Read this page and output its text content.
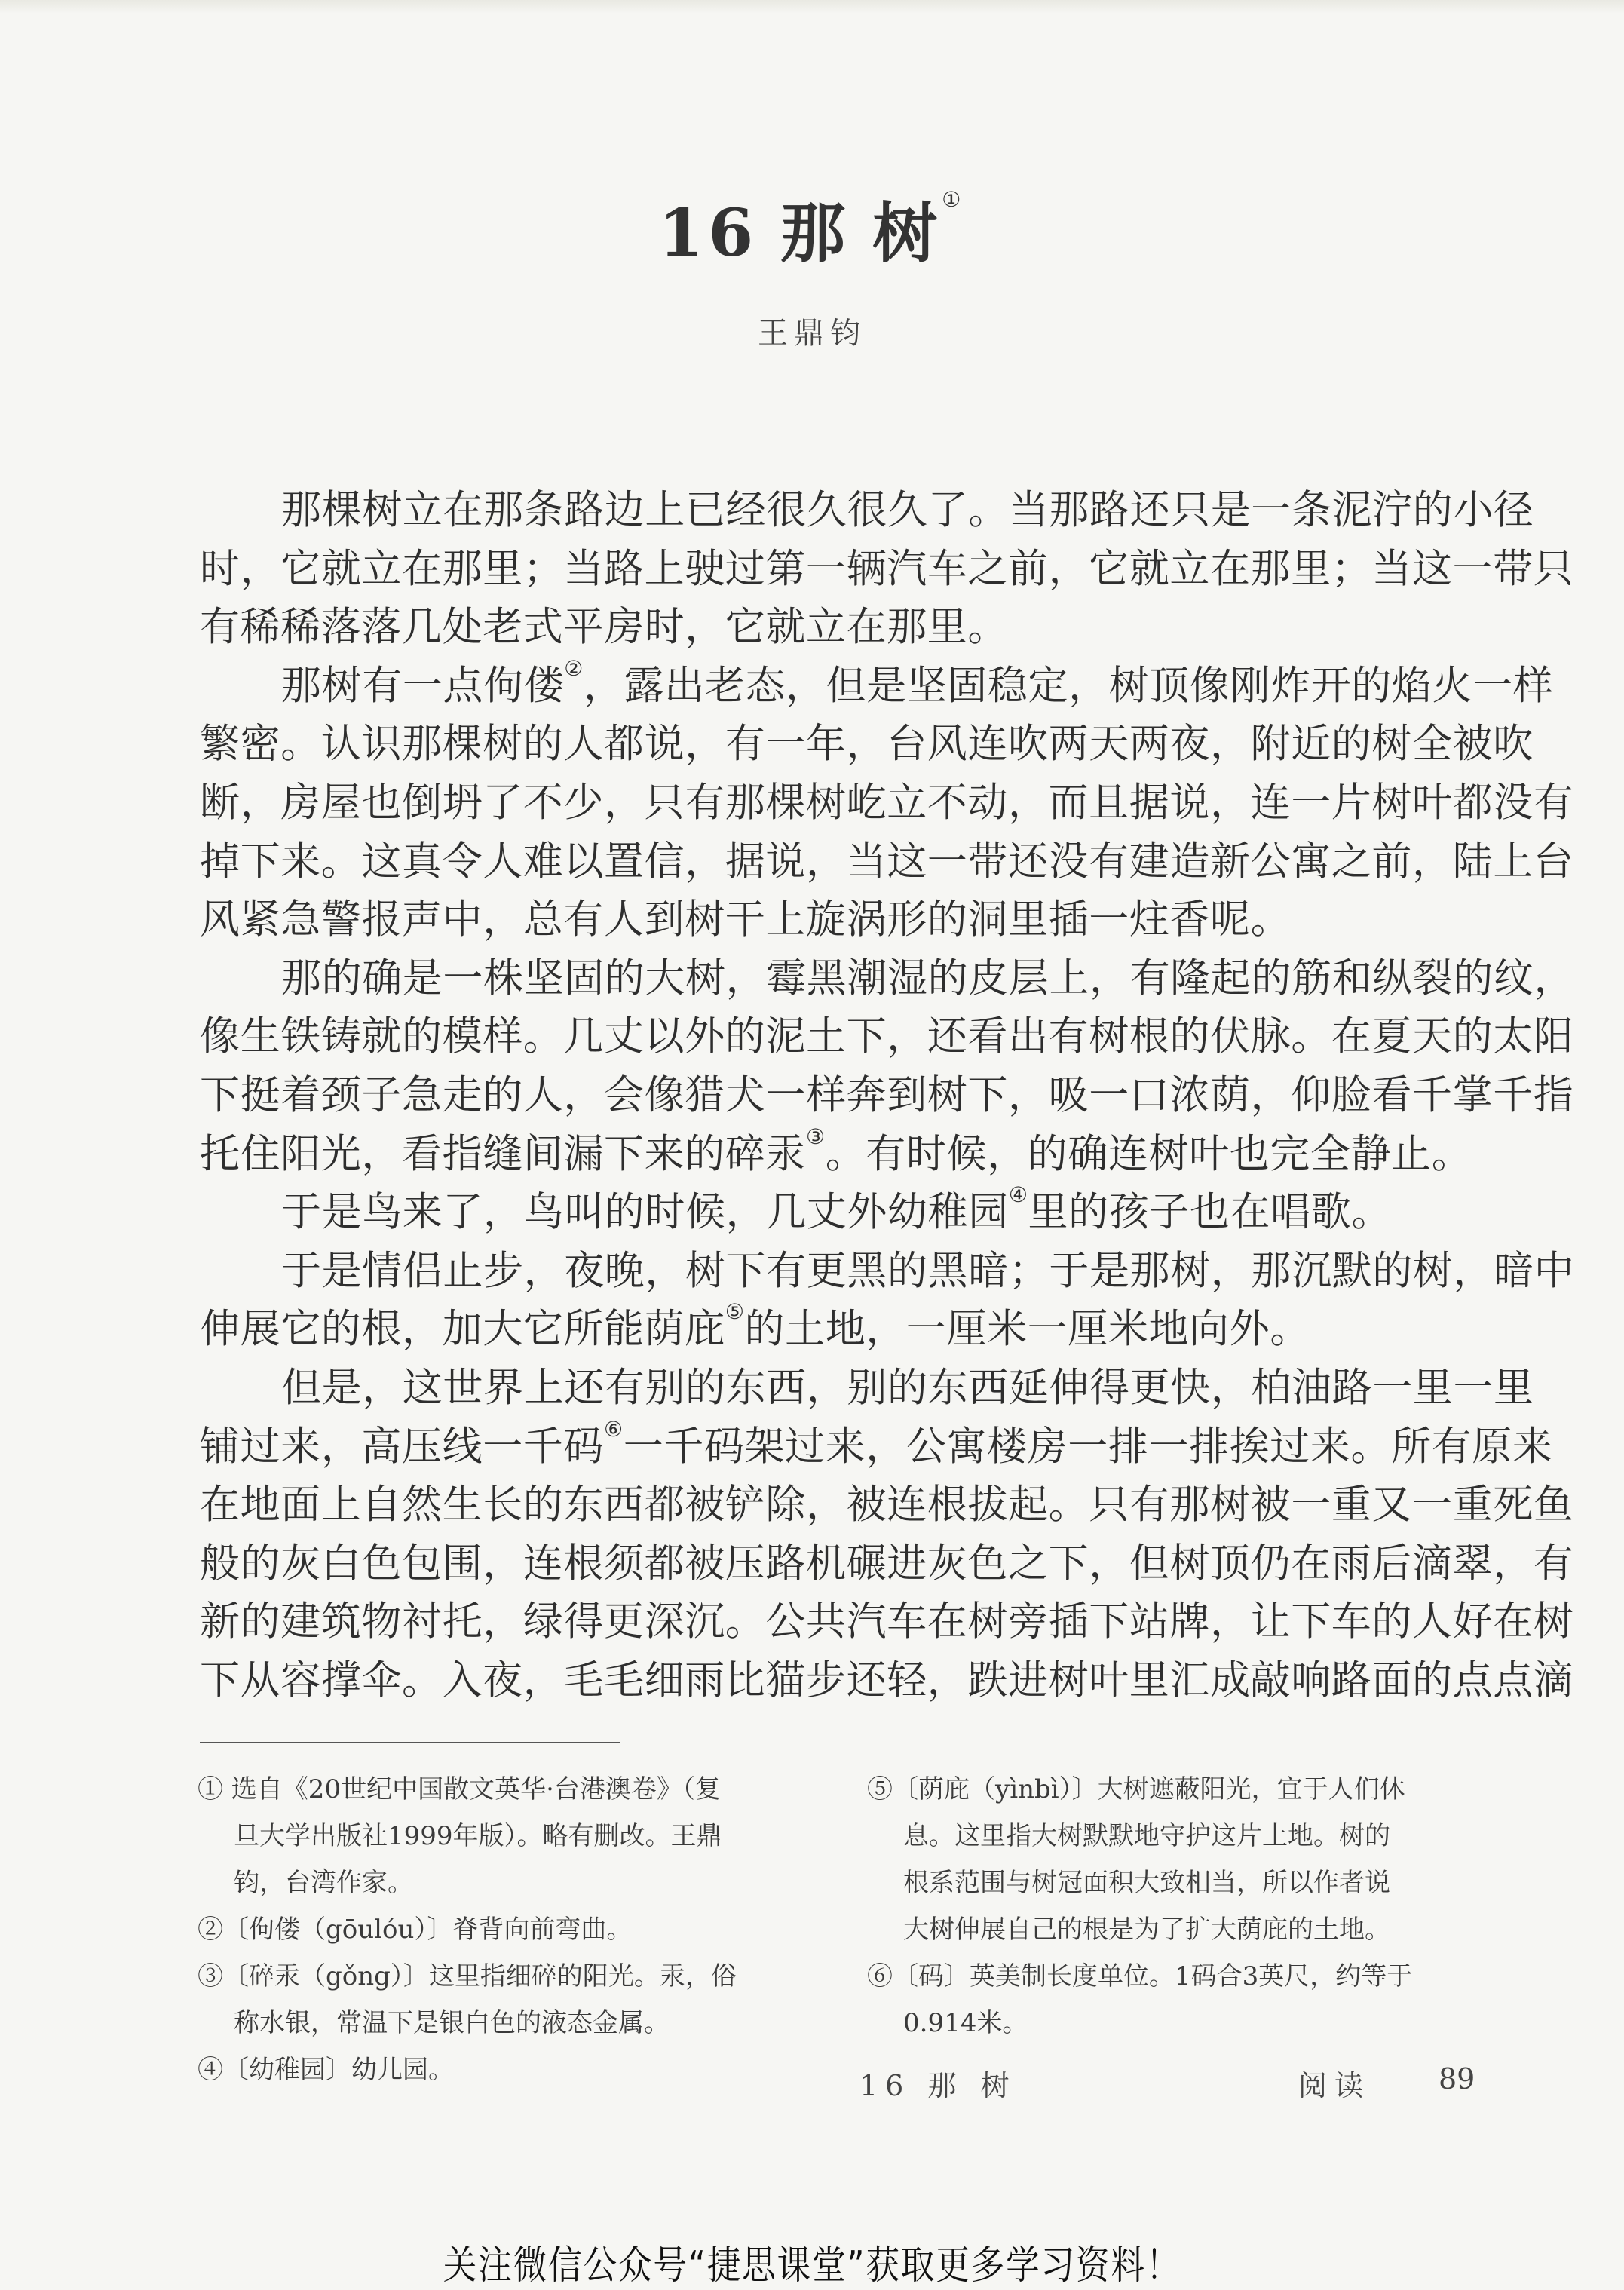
16 那 树①
王鼎钧
那棵树立在那条路边上已经很久很久了。当那路还只是一条泥泞的小径
时，它就立在那里；当路上驶过第一辆汽车之前，它就立在那里；当这一带只
有稀稀落落几处老式平房时，它就立在那里。
那树有一点佝偻②，露出老态，但是坚固稳定，树顶像刚炸开的焰火一样
繁密。认识那棵树的人都说，有一年，台风连吹两天两夜，附近的树全被吹
断，房屋也倒坍了不少，只有那棵树屹立不动，而且据说，连一片树叶都没有
掉下来。这真令人难以置信，据说，当这一带还没有建造新公寓之前，陆上台
风紧急警报声中，总有人到树干上旋涡形的洞里插一炷香呢。
那的确是一株坚固的大树，霉黑潮湿的皮层上，有隆起的筋和纵裂的纹，
像生铁铸就的模样。几丈以外的泥土下，还看出有树根的伏脉。在夏天的太阳
下挺着颈子急走的人，会像猎犬一样奔到树下，吸一口浓荫，仰脸看千掌千指
托住阳光，看指缝间漏下来的碎汞③。有时候，的确连树叶也完全静止。
于是鸟来了，鸟叫的时候，几丈外幼稚园④里的孩子也在唱歌。
于是情侣止步，夜晚，树下有更黑的黑暗；于是那树，那沉默的树，暗中
伸展它的根，加大它所能荫庇⑤的土地，一厘米一厘米地向外。
但是，这世界上还有别的东西，别的东西延伸得更快，柏油路一里一里
铺过来，高压线一千码⑥一千码架过来，公寓楼房一排一排挨过来。所有原来
在地面上自然生长的东西都被铲除，被连根拔起。只有那树被一重又一重死鱼
般的灰白色包围，连根须都被压路机碾进灰色之下，但树顶仍在雨后滴翠，有
新的建筑物衬托，绿得更深沉。公共汽车在树旁插下站牌，让下车的人好在树
下从容撑伞。入夜，毛毛细雨比猫步还轻，跌进树叶里汇成敲响路面的点点滴
① 选自《20世纪中国散文英华·台港澳卷》（复
旦大学出版社1999年版）。略有删改。王鼎
钧，台湾作家。
②〔佝偻（gōulóu）〕脊背向前弯曲。
③〔碎汞（gǒng）〕这里指细碎的阳光。汞，俗
称水银，常温下是银白色的液态金属。
④〔幼稚园〕幼儿园。
⑤〔荫庇（yìnbì）〕大树遮蔽阳光，宜于人们休
息。这里指大树默默地守护这片土地。树的
根系范围与树冠面积大致相当，所以作者说
大树伸展自己的根是为了扩大荫庇的土地。
⑥〔码〕英美制长度单位。1码合3英尺，约等于
0.914米。
16 那 树	阅读 89
关注微信公众号“捷思课堂”获取更多学习资料！
